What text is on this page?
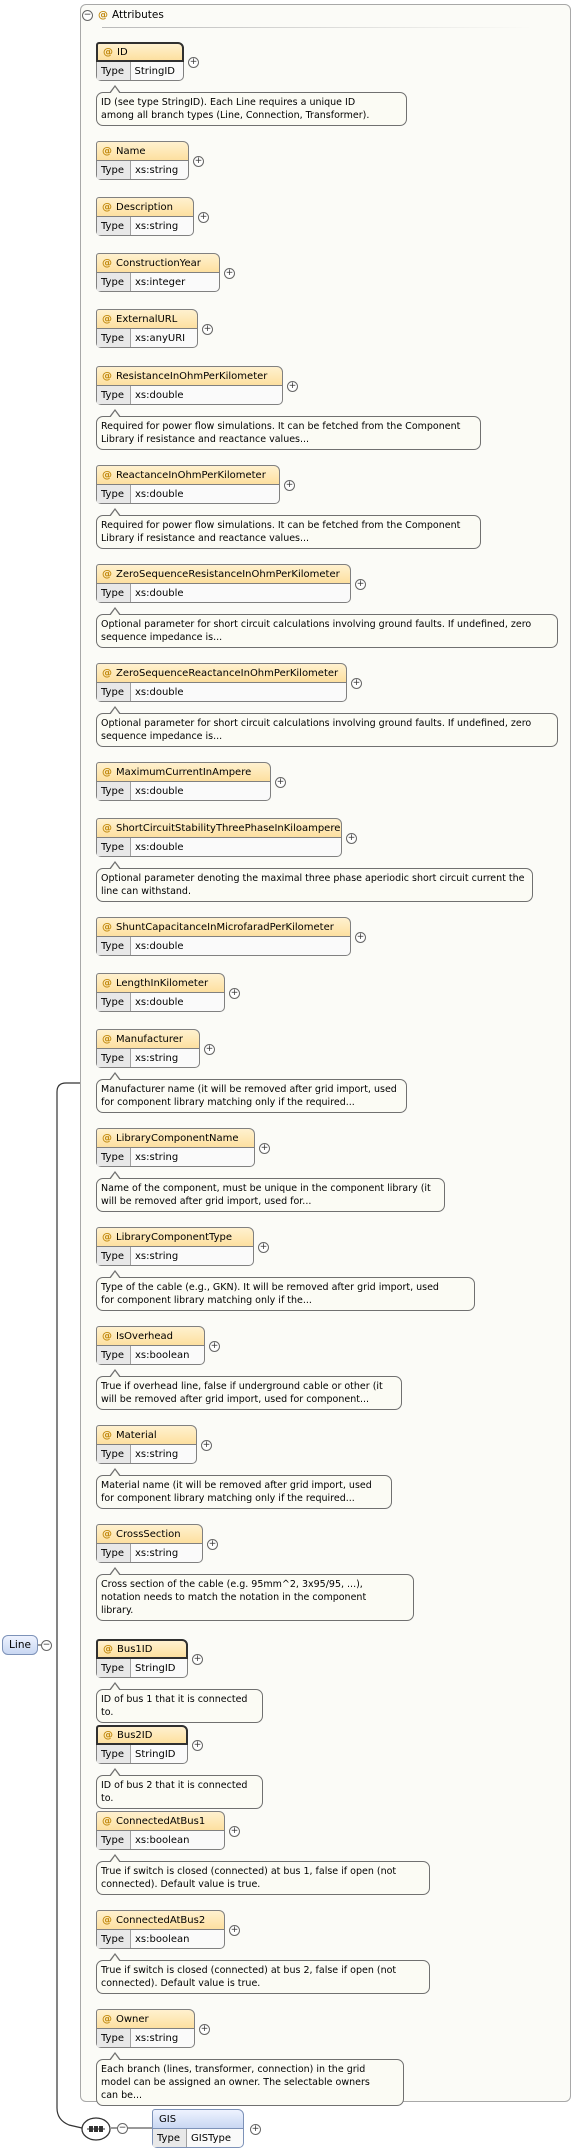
− @ Attributes
@ ID
Type	StringID
+
ID (see type StringID). Each Line requires a unique ID
among all branch types (Line, Connection, Transformer).
@ Name
Type	xs:string
+
@ Description
Type	xs:string
+
@ ConstructionYear
Type	xs:integer
+
@ ExternalURL
Type	xs:anyURI
+
@ ResistanceInOhmPerKilometer
Type	xs:double
+
Required for power flow simulations. It can be fetched from the Component
Library if resistance and reactance values...
@ ReactanceInOhmPerKilometer
Type	xs:double
+
Required for power flow simulations. It can be fetched from the Component
Library if resistance and reactance values...
@ ZeroSequenceResistanceInOhmPerKilometer
Type	xs:double
+
Optional parameter for short circuit calculations involving ground faults. If undefined, zero
sequence impedance is...
@ ZeroSequenceReactanceInOhmPerKilometer
Type	xs:double
+
Optional parameter for short circuit calculations involving ground faults. If undefined, zero
sequence impedance is...
@ MaximumCurrentInAmpere
Type	xs:double
+
@ ShortCircuitStabilityThreePhaseInKiloampere
Type	xs:double
+
Optional parameter denoting the maximal three phase aperiodic short circuit current the
line can withstand.
@ ShuntCapacitanceInMicrofaradPerKilometer
Type	xs:double
+
@ LengthInKilometer
Type	xs:double
+
@ Manufacturer
Type	xs:string
+
Manufacturer name (it will be removed after grid import, used
for component library matching only if the required...
@ LibraryComponentName
Type	xs:string
+
Name of the component, must be unique in the component library (it
will be removed after grid import, used for...
@ LibraryComponentType
Type	xs:string
+
Type of the cable (e.g., GKN). It will be removed after grid import, used
for component library matching only if the...
@ IsOverhead
Type	xs:boolean
+
True if overhead line, false if underground cable or other (it
will be removed after grid import, used for component...
@ Material
Type	xs:string
+
Material name (it will be removed after grid import, used
for component library matching only if the required...
@ CrossSection
Type	xs:string
+
Cross section of the cable (e.g. 95mm^2, 3x95/95, ...),
notation needs to match the notation in the component
library.
@ Bus1ID
Type	StringID
+
ID of bus 1 that it is connected to.
@ Bus2ID
Type	StringID
+
ID of bus 2 that it is connected to.
@ ConnectedAtBus1
Type	xs:boolean
+
True if switch is closed (connected) at bus 1, false if open (not
connected). Default value is true.
@ ConnectedAtBus2
Type	xs:boolean
+
True if switch is closed (connected) at bus 2, false if open (not
connected). Default value is true.
@ Owner
Type	xs:string
+
Each branch (lines, transformer, connection) in the grid
model can be assigned an owner. The selectable owners
can be...
Line −
−
GIS
Type	GISType
+
